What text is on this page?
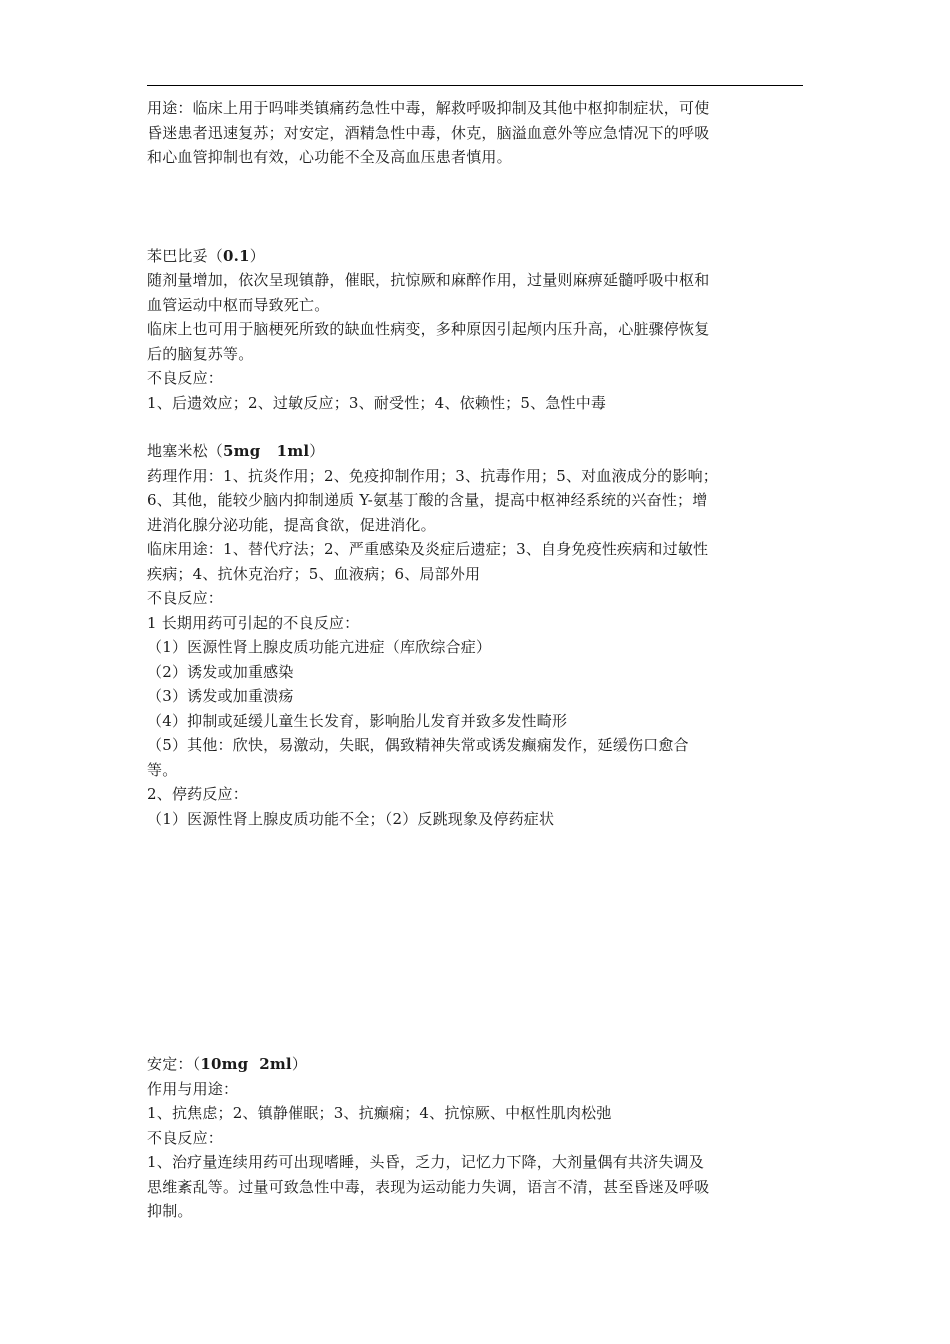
用途：临床上用于吗啡类镇痛药急性中毒，解救呼吸抑制及其他中枢抑制症状，可使
昏迷患者迅速复苏；对安定，酒精急性中毒，休克，脑溢血意外等应急情况下的呼吸
和心血管抑制也有效，心功能不全及高血压患者慎用。
苯巴比妥（0.1）
随剂量增加，依次呈现镇静，催眠，抗惊厥和麻醉作用，过量则麻痹延髓呼吸中枢和
血管运动中枢而导致死亡。
临床上也可用于脑梗死所致的缺血性病变，多种原因引起颅内压升高，心脏骤停恢复
后的脑复苏等。
不良反应：
1、后遗效应；2、过敏反应；3、耐受性；4、依赖性；5、急性中毒
地塞米松（5mg   1ml）
药理作用：1、抗炎作用；2、免疫抑制作用；3、抗毒作用；5、对血液成分的影响；
6、其他，能较少脑内抑制递质 Y-氨基丁酸的含量，提高中枢神经系统的兴奋性；增
进消化腺分泌功能，提高食欲，促进消化。
临床用途：1、替代疗法；2、严重感染及炎症后遗症；3、自身免疫性疾病和过敏性
疾病；4、抗休克治疗；5、血液病；6、局部外用
不良反应：
1 长期用药可引起的不良反应：
（1）医源性肾上腺皮质功能亢进症（库欣综合症）
（2）诱发或加重感染
（3）诱发或加重溃疡
（4）抑制或延缓儿童生长发育，影响胎儿发育并致多发性畸形
（5）其他：欣快，易激动，失眠，偶致精神失常或诱发癫痫发作，延缓伤口愈合
等。
2、停药反应：
（1）医源性肾上腺皮质功能不全；（2）反跳现象及停药症状
安定：（10mg  2ml）
作用与用途：
1、抗焦虑；2、镇静催眠；3、抗癫痫；4、抗惊厥、中枢性肌肉松弛
不良反应：
1、治疗量连续用药可出现嗜睡，头昏，乏力，记忆力下降，大剂量偶有共济失调及
思维紊乱等。过量可致急性中毒，表现为运动能力失调，语言不清，甚至昏迷及呼吸
抑制。
